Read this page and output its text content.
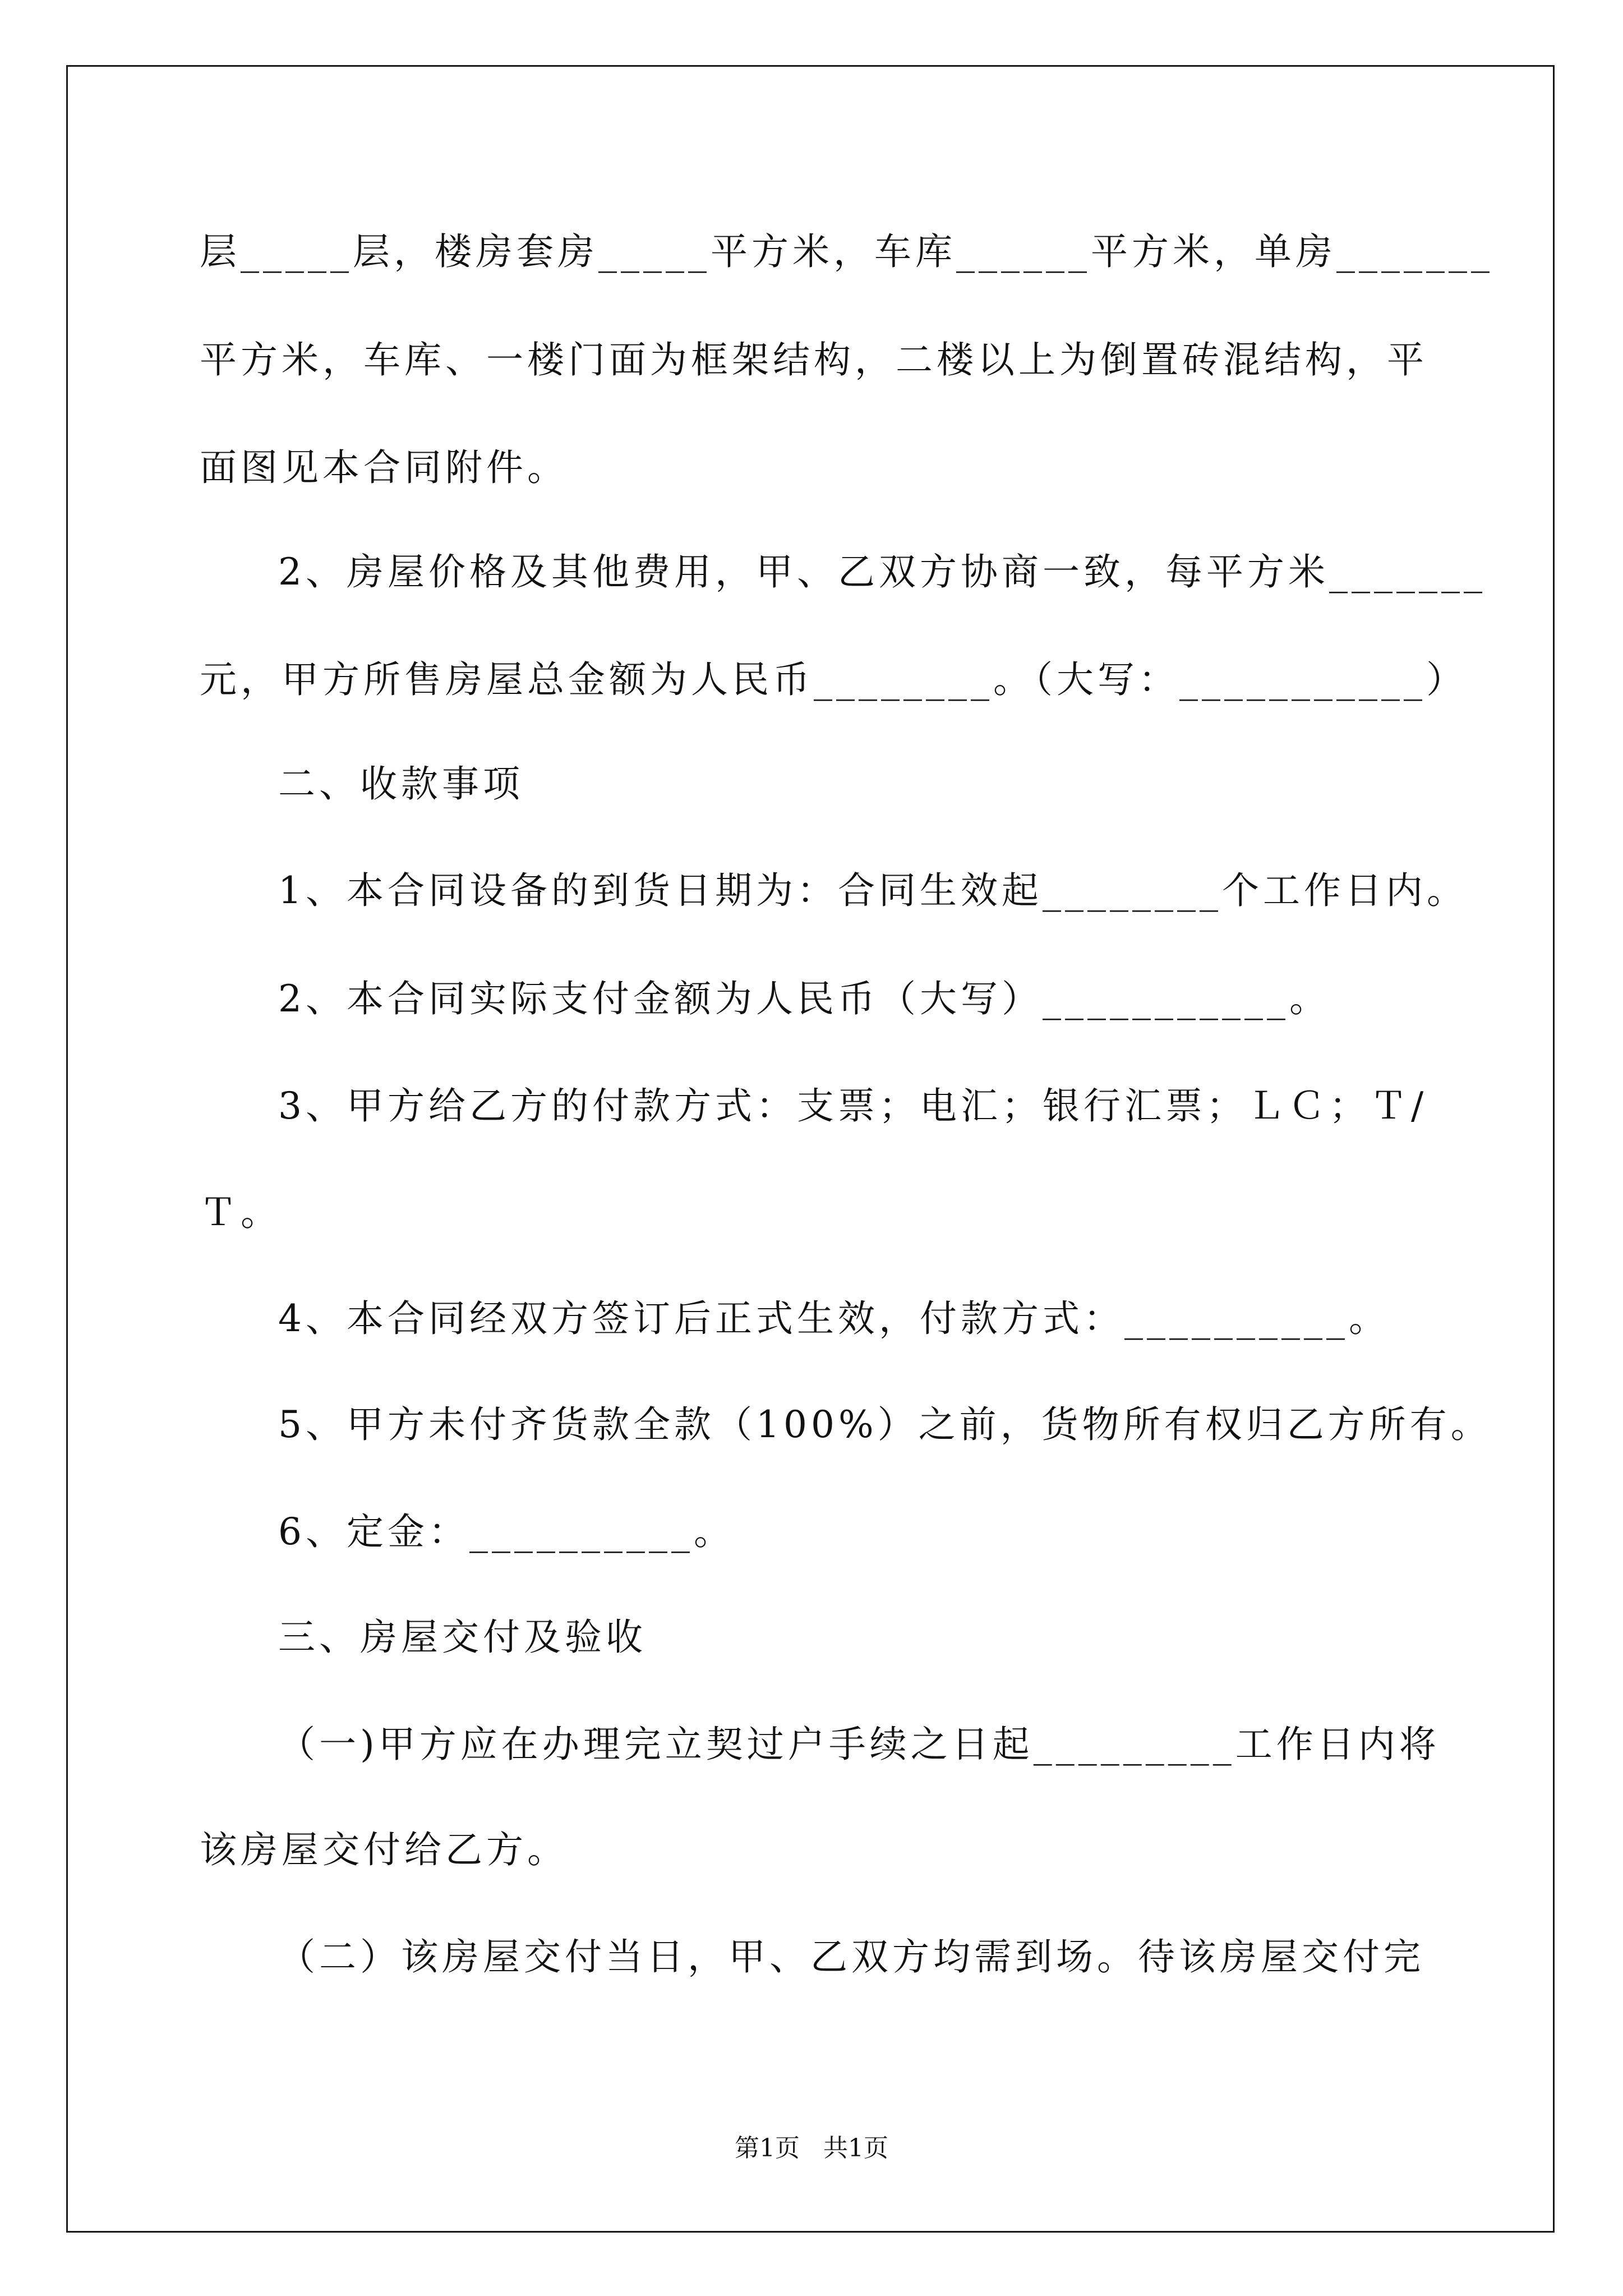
层_____层，楼房套房_____平方米，车库______平方米，单房_______
平方米，车库、一楼门面为框架结构，二楼以上为倒置砖混结构，平
面图见本合同附件。
2、房屋价格及其他费用，甲、乙双方协商一致，每平方米_______
元，甲方所售房屋总金额为人民币________。（大写：___________）
二、收款事项
1、本合同设备的到货日期为：合同生效起________个工作日内。
2、本合同实际支付金额为人民币（大写）___________。
3、甲方给乙方的付款方式：支票；电汇；银行汇票；ＬＣ；Ｔ/
Ｔ。
4、本合同经双方签订后正式生效，付款方式：__________。
5、甲方未付齐货款全款（100%）之前，货物所有权归乙方所有。
6、定金：__________。
三、房屋交付及验收
（一)甲方应在办理完立契过户手续之日起_________工作日内将
该房屋交付给乙方。
（二）该房屋交付当日，甲、乙双方均需到场。待该房屋交付完
第1页   共1页
